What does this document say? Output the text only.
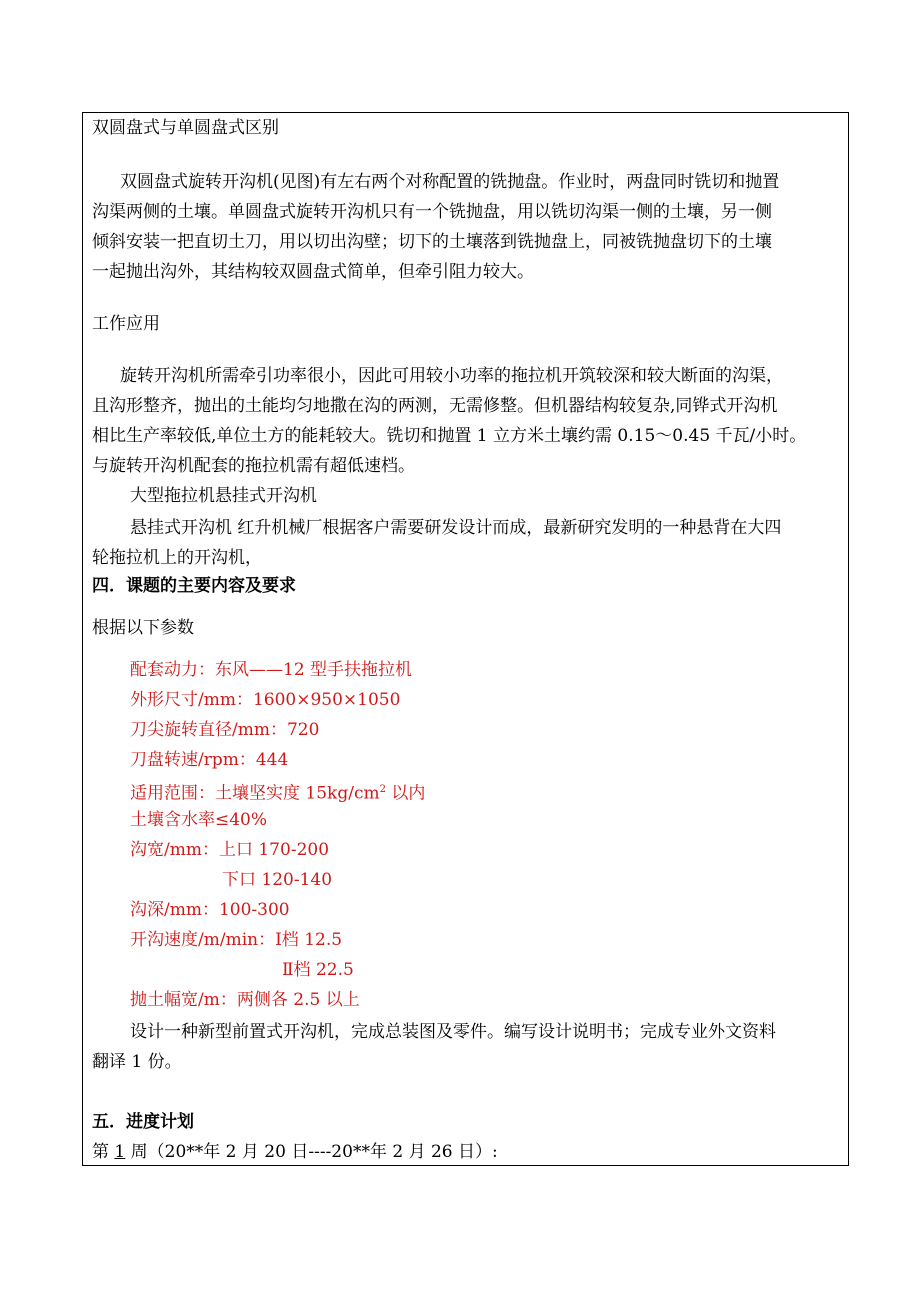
双圆盘式与单圆盘式区别
双圆盘式旋转开沟机(见图)有左右两个对称配置的铣抛盘。作业时，两盘同时铣切和抛置
沟渠两侧的土壤。单圆盘式旋转开沟机只有一个铣抛盘，用以铣切沟渠一侧的土壤，另一侧
倾斜安装一把直切土刀，用以切出沟壁；切下的土壤落到铣抛盘上，同被铣抛盘切下的土壤
一起抛出沟外，其结构较双圆盘式简单，但牵引阻力较大。
工作应用
旋转开沟机所需牵引功率很小，因此可用较小功率的拖拉机开筑较深和较大断面的沟渠，
且沟形整齐，抛出的土能均匀地撒在沟的两测，无需修整。但机器结构较复杂,同铧式开沟机
相比生产率较低,单位土方的能耗较大。铣切和抛置 1 立方米土壤约需 0.15～0.45 千瓦/小时。
与旋转开沟机配套的拖拉机需有超低速档。
大型拖拉机悬挂式开沟机
悬挂式开沟机 红升机械厂根据客户需要研发设计而成，最新研究发明的一种悬背在大四
轮拖拉机上的开沟机，
四．课题的主要内容及要求
根据以下参数
配套动力：东风——12 型手扶拖拉机
外形尺寸/mm：1600×950×1050
刀尖旋转直径/mm：720
刀盘转速/rpm：444
适用范围：土壤坚实度 $15kg/cm^2$ 以内
土壤含水率≤40%
沟宽/mm：上口 170-200
下口 120-140
沟深/mm：100-300
开沟速度/m/min：Ⅰ档 12.5
Ⅱ档 22.5
抛土幅宽/m：两侧各 2.5 以上
设计一种新型前置式开沟机，完成总装图及零件。编写设计说明书；完成专业外文资料
翻译 1 份。
五．进度计划
第 1 周（20**年 2 月 20 日----20**年 2 月 26 日）:
